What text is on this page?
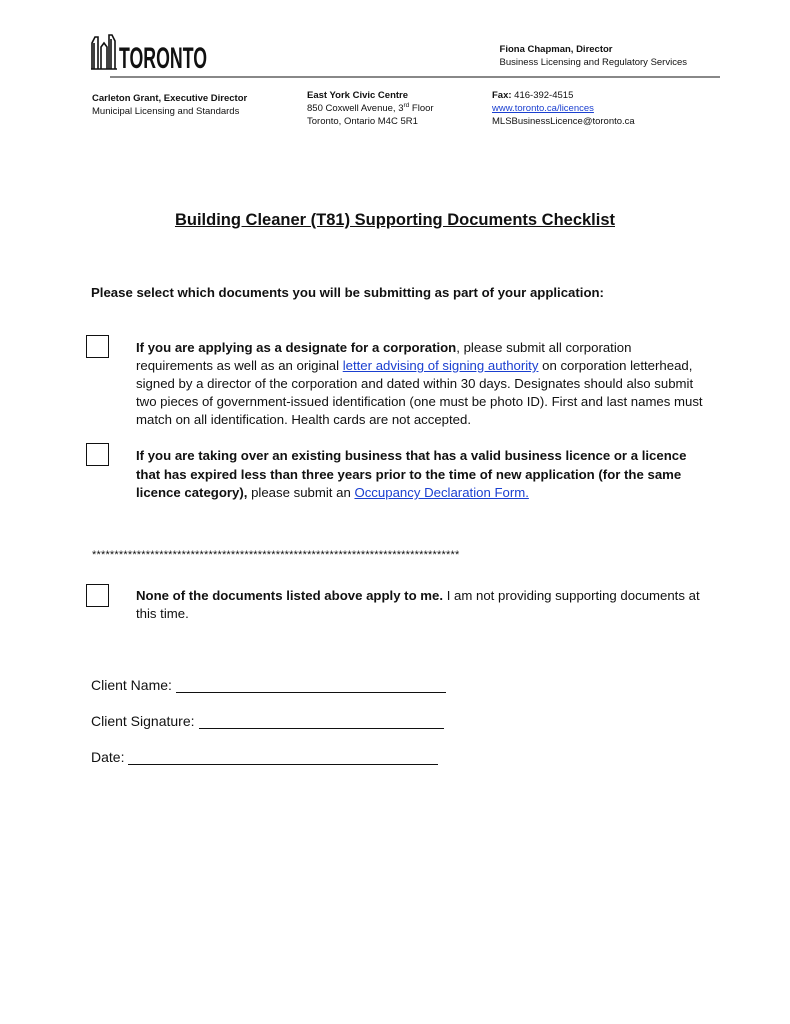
TORONTO	Fiona Chapman, Director
Business Licensing and Regulatory Services
Carleton Grant, Executive Director
Municipal Licensing and Standards
East York Civic Centre
850 Coxwell Avenue, 3rd Floor
Toronto, Ontario M4C 5R1
Fax: 416-392-4515
www.toronto.ca/licences
MLSBusinessLicence@toronto.ca
Building Cleaner (T81) Supporting Documents Checklist
Please select which documents you will be submitting as part of your application:
If you are applying as a designate for a corporation, please submit all corporation requirements as well as an original letter advising of signing authority on corporation letterhead, signed by a director of the corporation and dated within 30 days. Designates should also submit two pieces of government-issued identification (one must be photo ID). First and last names must match on all identification. Health cards are not accepted.
If you are taking over an existing business that has a valid business licence or a licence that has expired less than three years prior to the time of new application (for the same licence category), please submit an Occupancy Declaration Form.
**********************************************************************************
None of the documents listed above apply to me. I am not providing supporting documents at this time.
Client Name:
Client Signature:
Date:
